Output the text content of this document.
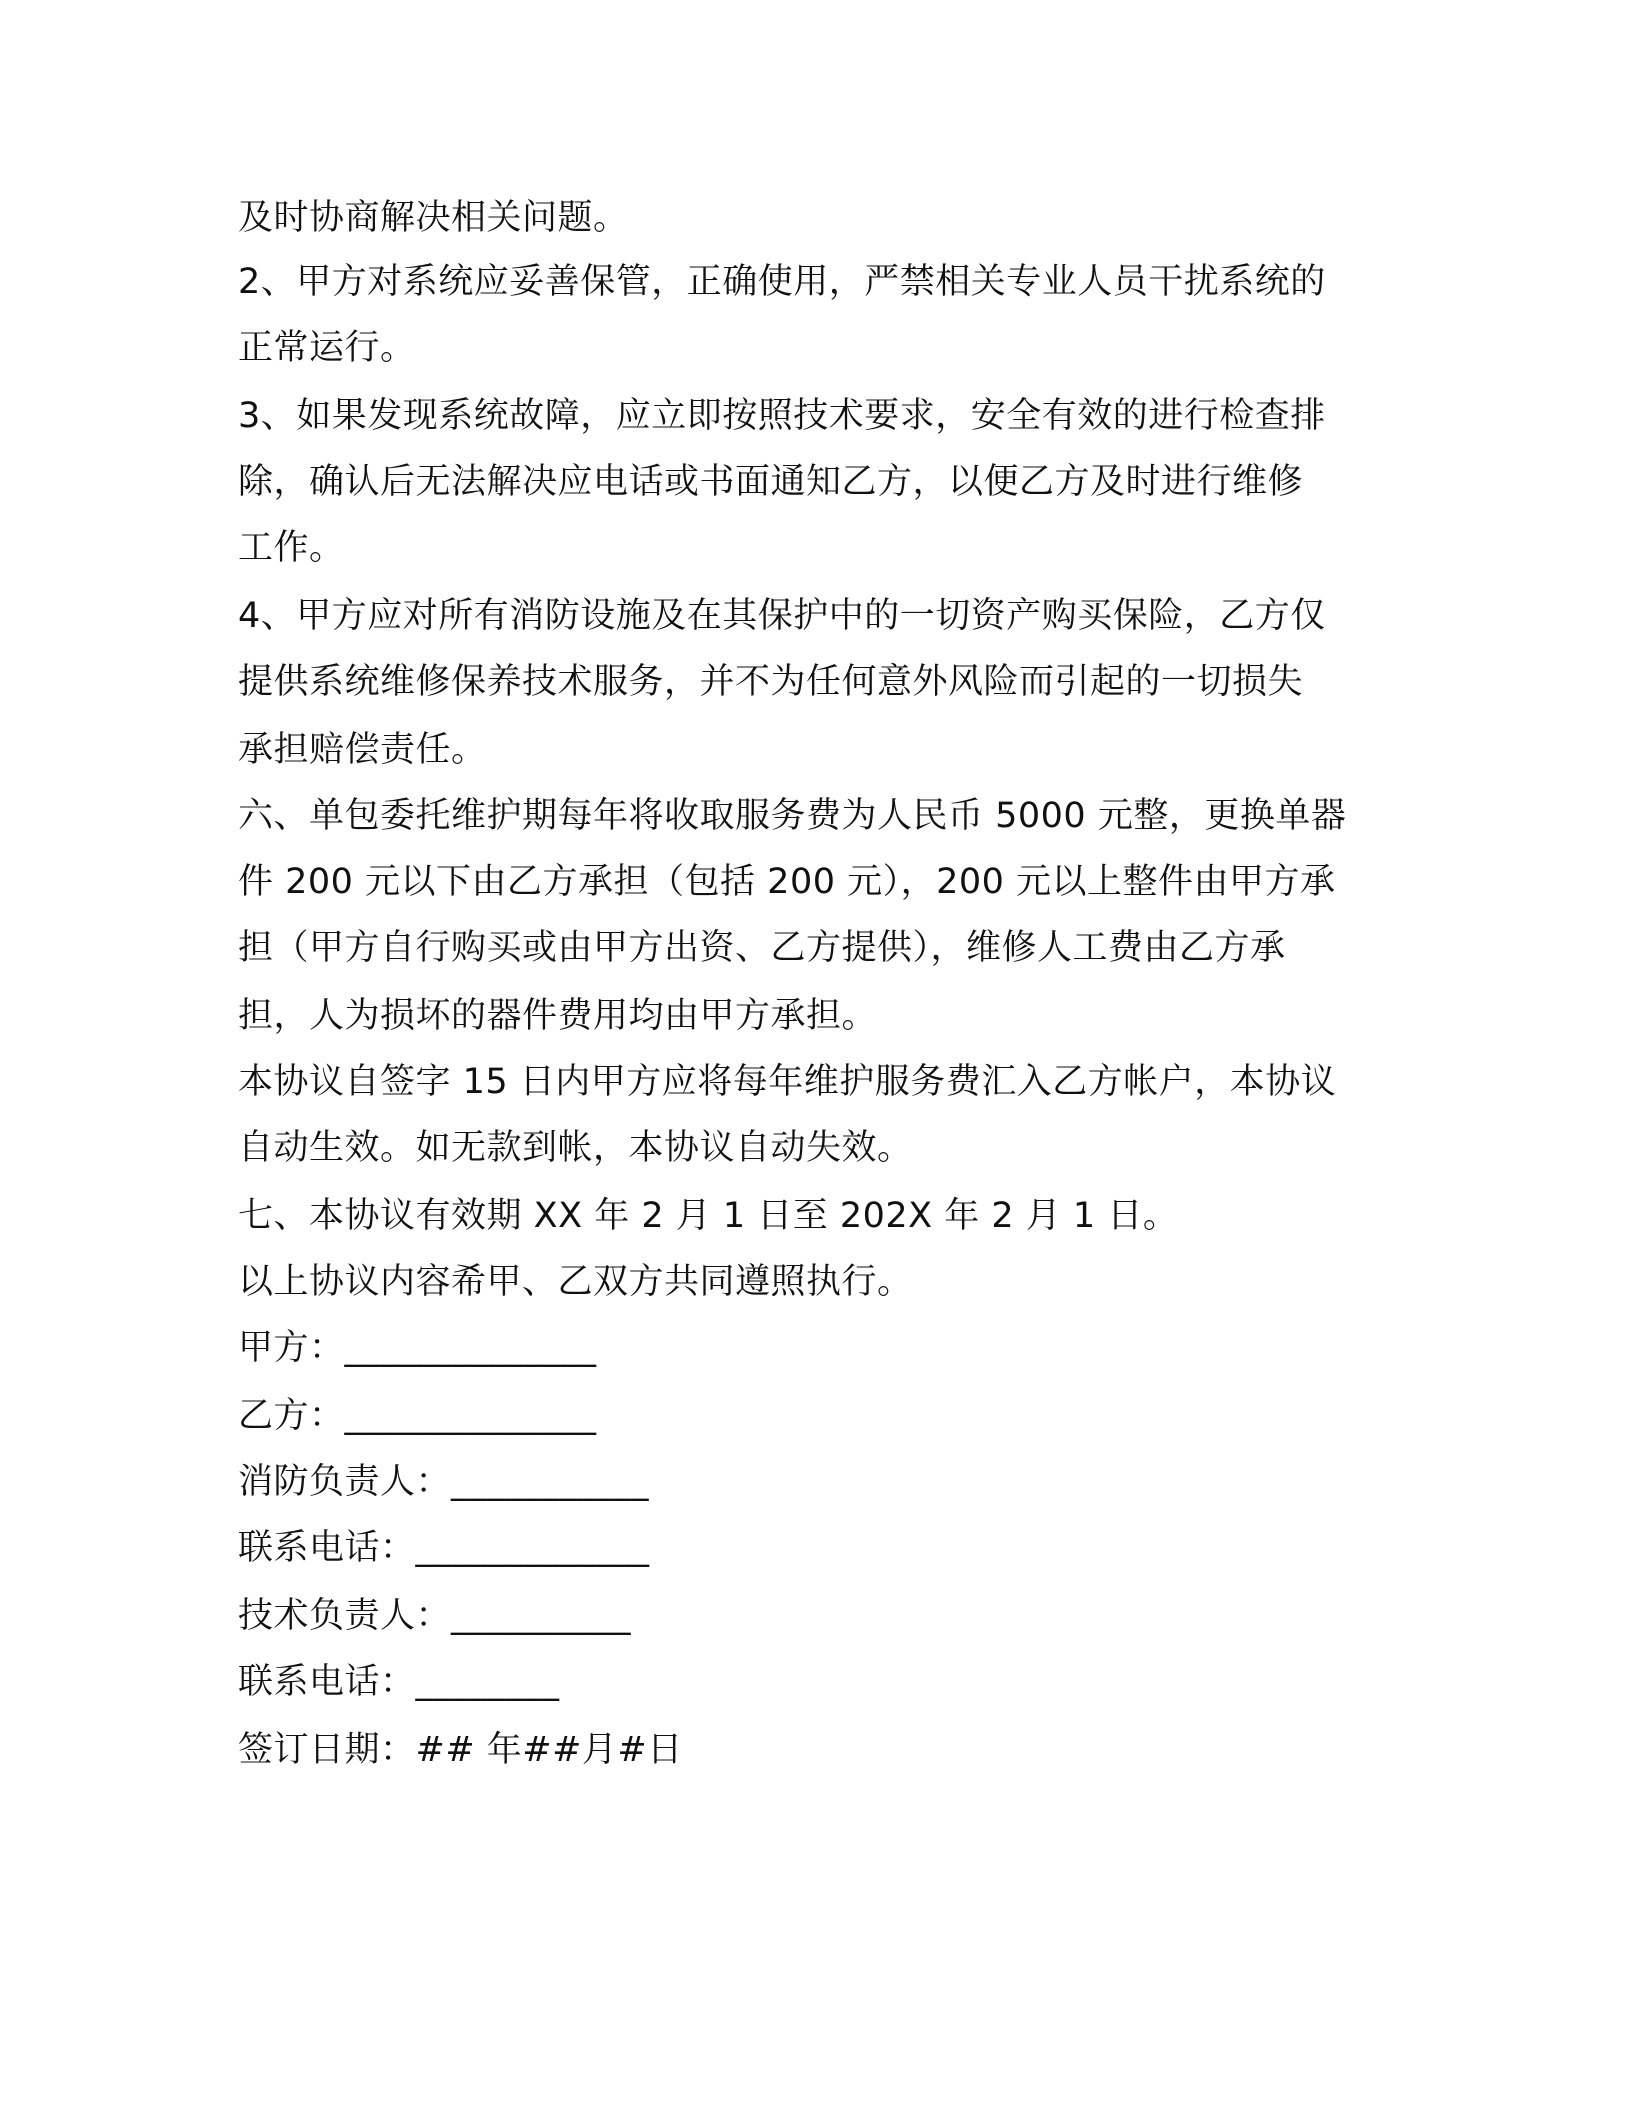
及时协商解决相关问题。
2、甲方对系统应妥善保管，正确使用，严禁相关专业人员干扰系统的
正常运行。
3、如果发现系统故障，应立即按照技术要求，安全有效的进行检查排
除，确认后无法解决应电话或书面通知乙方，以便乙方及时进行维修
工作。
4、甲方应对所有消防设施及在其保护中的一切资产购买保险，乙方仅
提供系统维修保养技术服务，并不为任何意外风险而引起的一切损失
承担赔偿责任。
六、单包委托维护期每年将收取服务费为人民币 5000 元整，更换单器
件 200 元以下由乙方承担（包括 200 元），200 元以上整件由甲方承
担（甲方自行购买或由甲方出资、乙方提供），维修人工费由乙方承
担，人为损坏的器件费用均由甲方承担。
本协议自签字 15 日内甲方应将每年维护服务费汇入乙方帐户，本协议
自动生效。如无款到帐，本协议自动失效。
七、本协议有效期 XX 年 2 月 1 日至 202X 年 2 月 1 日。
以上协议内容希甲、乙双方共同遵照执行。
甲方：______________
乙方：______________
消防负责人：___________
联系电话：_____________
技术负责人：__________
联系电话：________
签订日期：## 年##月#日
